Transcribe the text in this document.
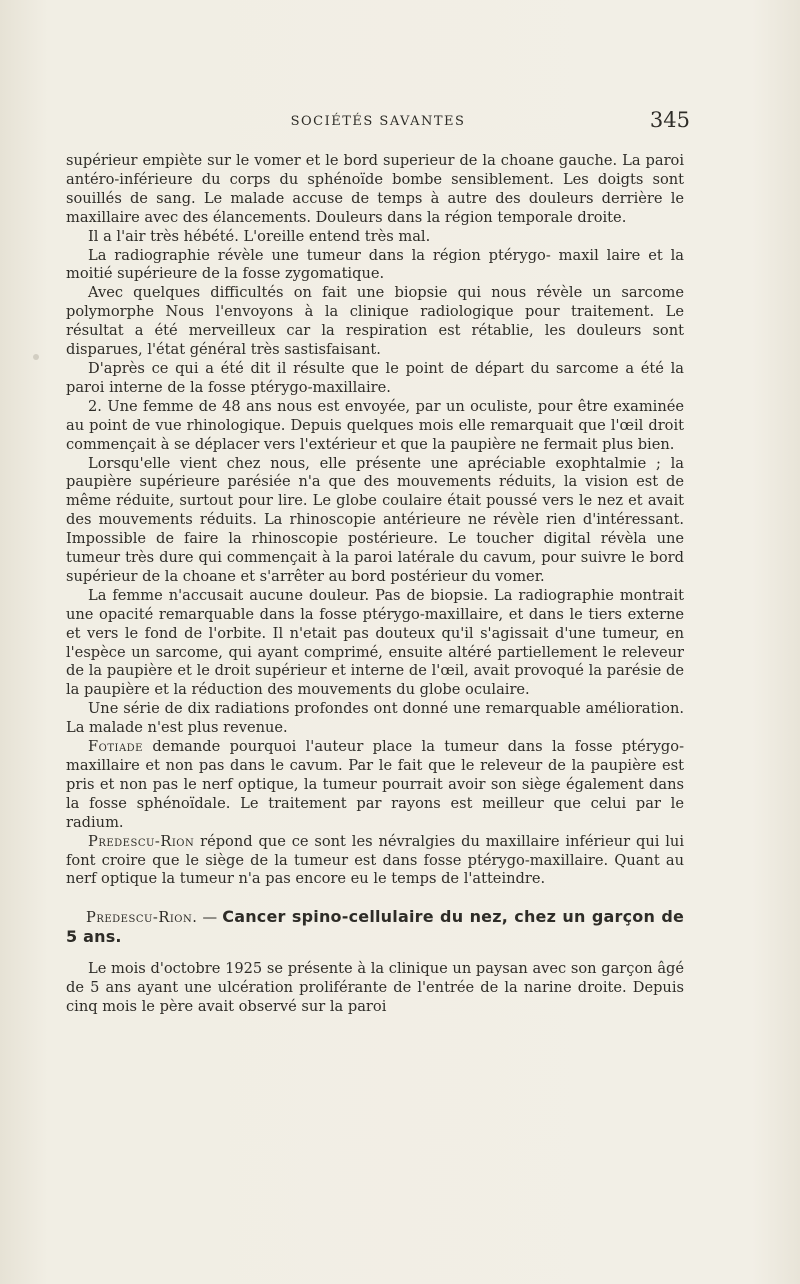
SOCIÉTÉS SAVANTES	345

supérieur empiète sur le vomer et le bord superieur de la choane gauche. La paroi antéro-inférieure du corps du sphénoïde bombe sensiblement. Les doigts sont souillés de sang. Le malade accuse de temps à autre des douleurs derrière le maxillaire avec des élancements. Douleurs dans la région temporale droite.

Il a l'air très hébété. L'oreille entend très mal.

La radiographie révèle une tumeur dans la région ptérygo- maxil laire et la moitié supérieure de la fosse zygomatique.

Avec quelques difficultés on fait une biopsie qui nous révèle un sarcome polymorphe Nous l'envoyons à la clinique radiologique pour traitement. Le résultat a été merveilleux car la respiration est rétablie, les douleurs sont disparues, l'état général très sastisfaisant.

D'après ce qui a été dit il résulte que le point de départ du sarcome a été la paroi interne de la fosse ptérygo-maxillaire.

2. Une femme de 48 ans nous est envoyée, par un oculiste, pour être examinée au point de vue rhinologique. Depuis quelques mois elle remarquait que l'œil droit commençait à se déplacer vers l'extérieur et que la paupière ne fermait plus bien.

Lorsqu'elle vient chez nous, elle présente une apréciable exophtalmie ; la paupière supérieure parésiée n'a que des mouvements réduits, la vision est de même réduite, surtout pour lire. Le globe coulaire était poussé vers le nez et avait des mouvements réduits. La rhinoscopie antérieure ne révèle rien d'intéressant. Impossible de faire la rhinoscopie postérieure. Le toucher digital révèla une tumeur très dure qui commençait à la paroi latérale du cavum, pour suivre le bord supérieur de la choane et s'arrêter au bord postérieur du vomer.

La femme n'accusait aucune douleur. Pas de biopsie. La radiographie montrait une opacité remarquable dans la fosse ptérygo-maxillaire, et dans le tiers externe et vers le fond de l'orbite. Il n'etait pas douteux qu'il s'agissait d'une tumeur, en l'espèce un sarcome, qui ayant comprimé, ensuite altéré partiellement le releveur de la paupière et le droit supérieur et interne de l'œil, avait provoqué la parésie de la paupière et la réduction des mouvements du globe oculaire.

Une série de dix radiations profondes ont donné une remarquable amélioration. La malade n'est plus revenue.

Fotiade demande pourquoi l'auteur place la tumeur dans la fosse ptérygo-maxillaire et non pas dans le cavum. Par le fait que le releveur de la paupière est pris et non pas le nerf optique, la tumeur pourrait avoir son siège également dans la fosse sphénoïdale. Le traitement par rayons est meilleur que celui par le radium.

Predescu-Rion répond que ce sont les névralgies du maxillaire inférieur qui lui font croire que le siège de la tumeur est dans fosse ptérygo-maxillaire. Quant au nerf optique la tumeur n'a pas encore eu le temps de l'atteindre.

Predescu-Rion. — Cancer spino-cellulaire du nez, chez un garçon de 5 ans.

Le mois d'octobre 1925 se présente à la clinique un paysan avec son garçon âgé de 5 ans ayant une ulcération proliférante de l'entrée de la narine droite. Depuis cinq mois le père avait observé sur la paroi
